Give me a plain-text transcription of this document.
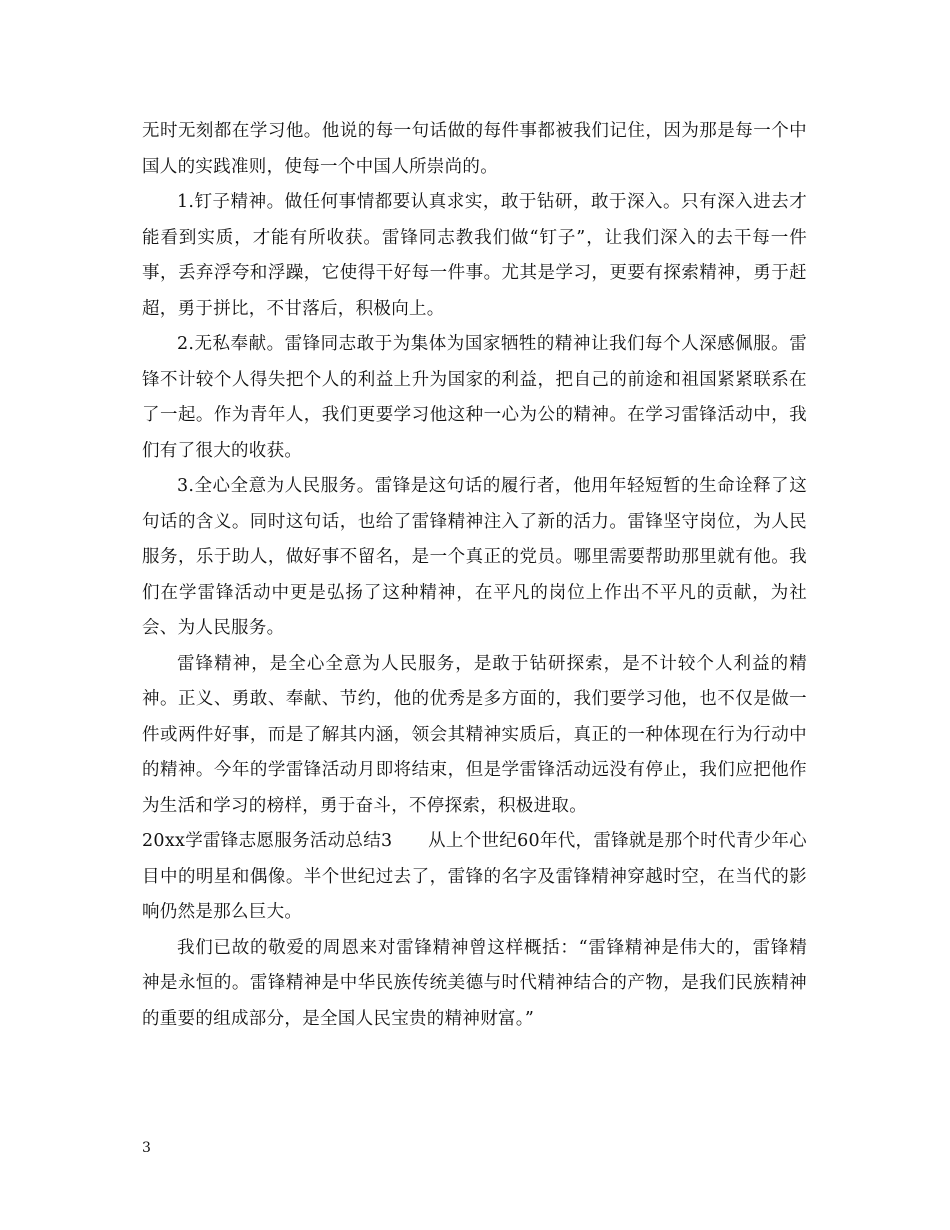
无时无刻都在学习他。他说的每一句话做的每件事都被我们记住，因为那是每一个中国人的实践准则，使每一个中国人所崇尚的。

1.钉子精神。做任何事情都要认真求实，敢于钻研，敢于深入。只有深入进去才能看到实质，才能有所收获。雷锋同志教我们做“钉子”，让我们深入的去干每一件事，丢弃浮夸和浮躁，它使得干好每一件事。尤其是学习，更要有探索精神，勇于赶超，勇于拼比，不甘落后，积极向上。

2.无私奉献。雷锋同志敢于为集体为国家牺牲的精神让我们每个人深感佩服。雷锋不计较个人得失把个人的利益上升为国家的利益，把自己的前途和祖国紧紧联系在了一起。作为青年人，我们更要学习他这种一心为公的精神。在学习雷锋活动中，我们有了很大的收获。

3.全心全意为人民服务。雷锋是这句话的履行者，他用年轻短暂的生命诠释了这句话的含义。同时这句话，也给了雷锋精神注入了新的活力。雷锋坚守岗位，为人民服务，乐于助人，做好事不留名，是一个真正的党员。哪里需要帮助那里就有他。我们在学雷锋活动中更是弘扬了这种精神，在平凡的岗位上作出不平凡的贡献，为社会、为人民服务。

雷锋精神，是全心全意为人民服务，是敢于钻研探索，是不计较个人利益的精神。正义、勇敢、奉献、节约，他的优秀是多方面的，我们要学习他，也不仅是做一件或两件好事，而是了解其内涵，领会其精神实质后，真正的一种体现在行为行动中的精神。今年的学雷锋活动月即将结束，但是学雷锋活动远没有停止，我们应把他作为生活和学习的榜样，勇于奋斗，不停探索，积极进取。

20xx学雷锋志愿服务活动总结3　　 从上个世纪60年代，雷锋就是那个时代青少年心目中的明星和偶像。半个世纪过去了，雷锋的名字及雷锋精神穿越时空，在当代的影响仍然是那么巨大。

我们已故的敬爱的周恩来对雷锋精神曾这样概括：“雷锋精神是伟大的，雷锋精神是永恒的。雷锋精神是中华民族传统美德与时代精神结合的产物，是我们民族精神的重要的组成部分，是全国人民宝贵的精神财富。”

3
